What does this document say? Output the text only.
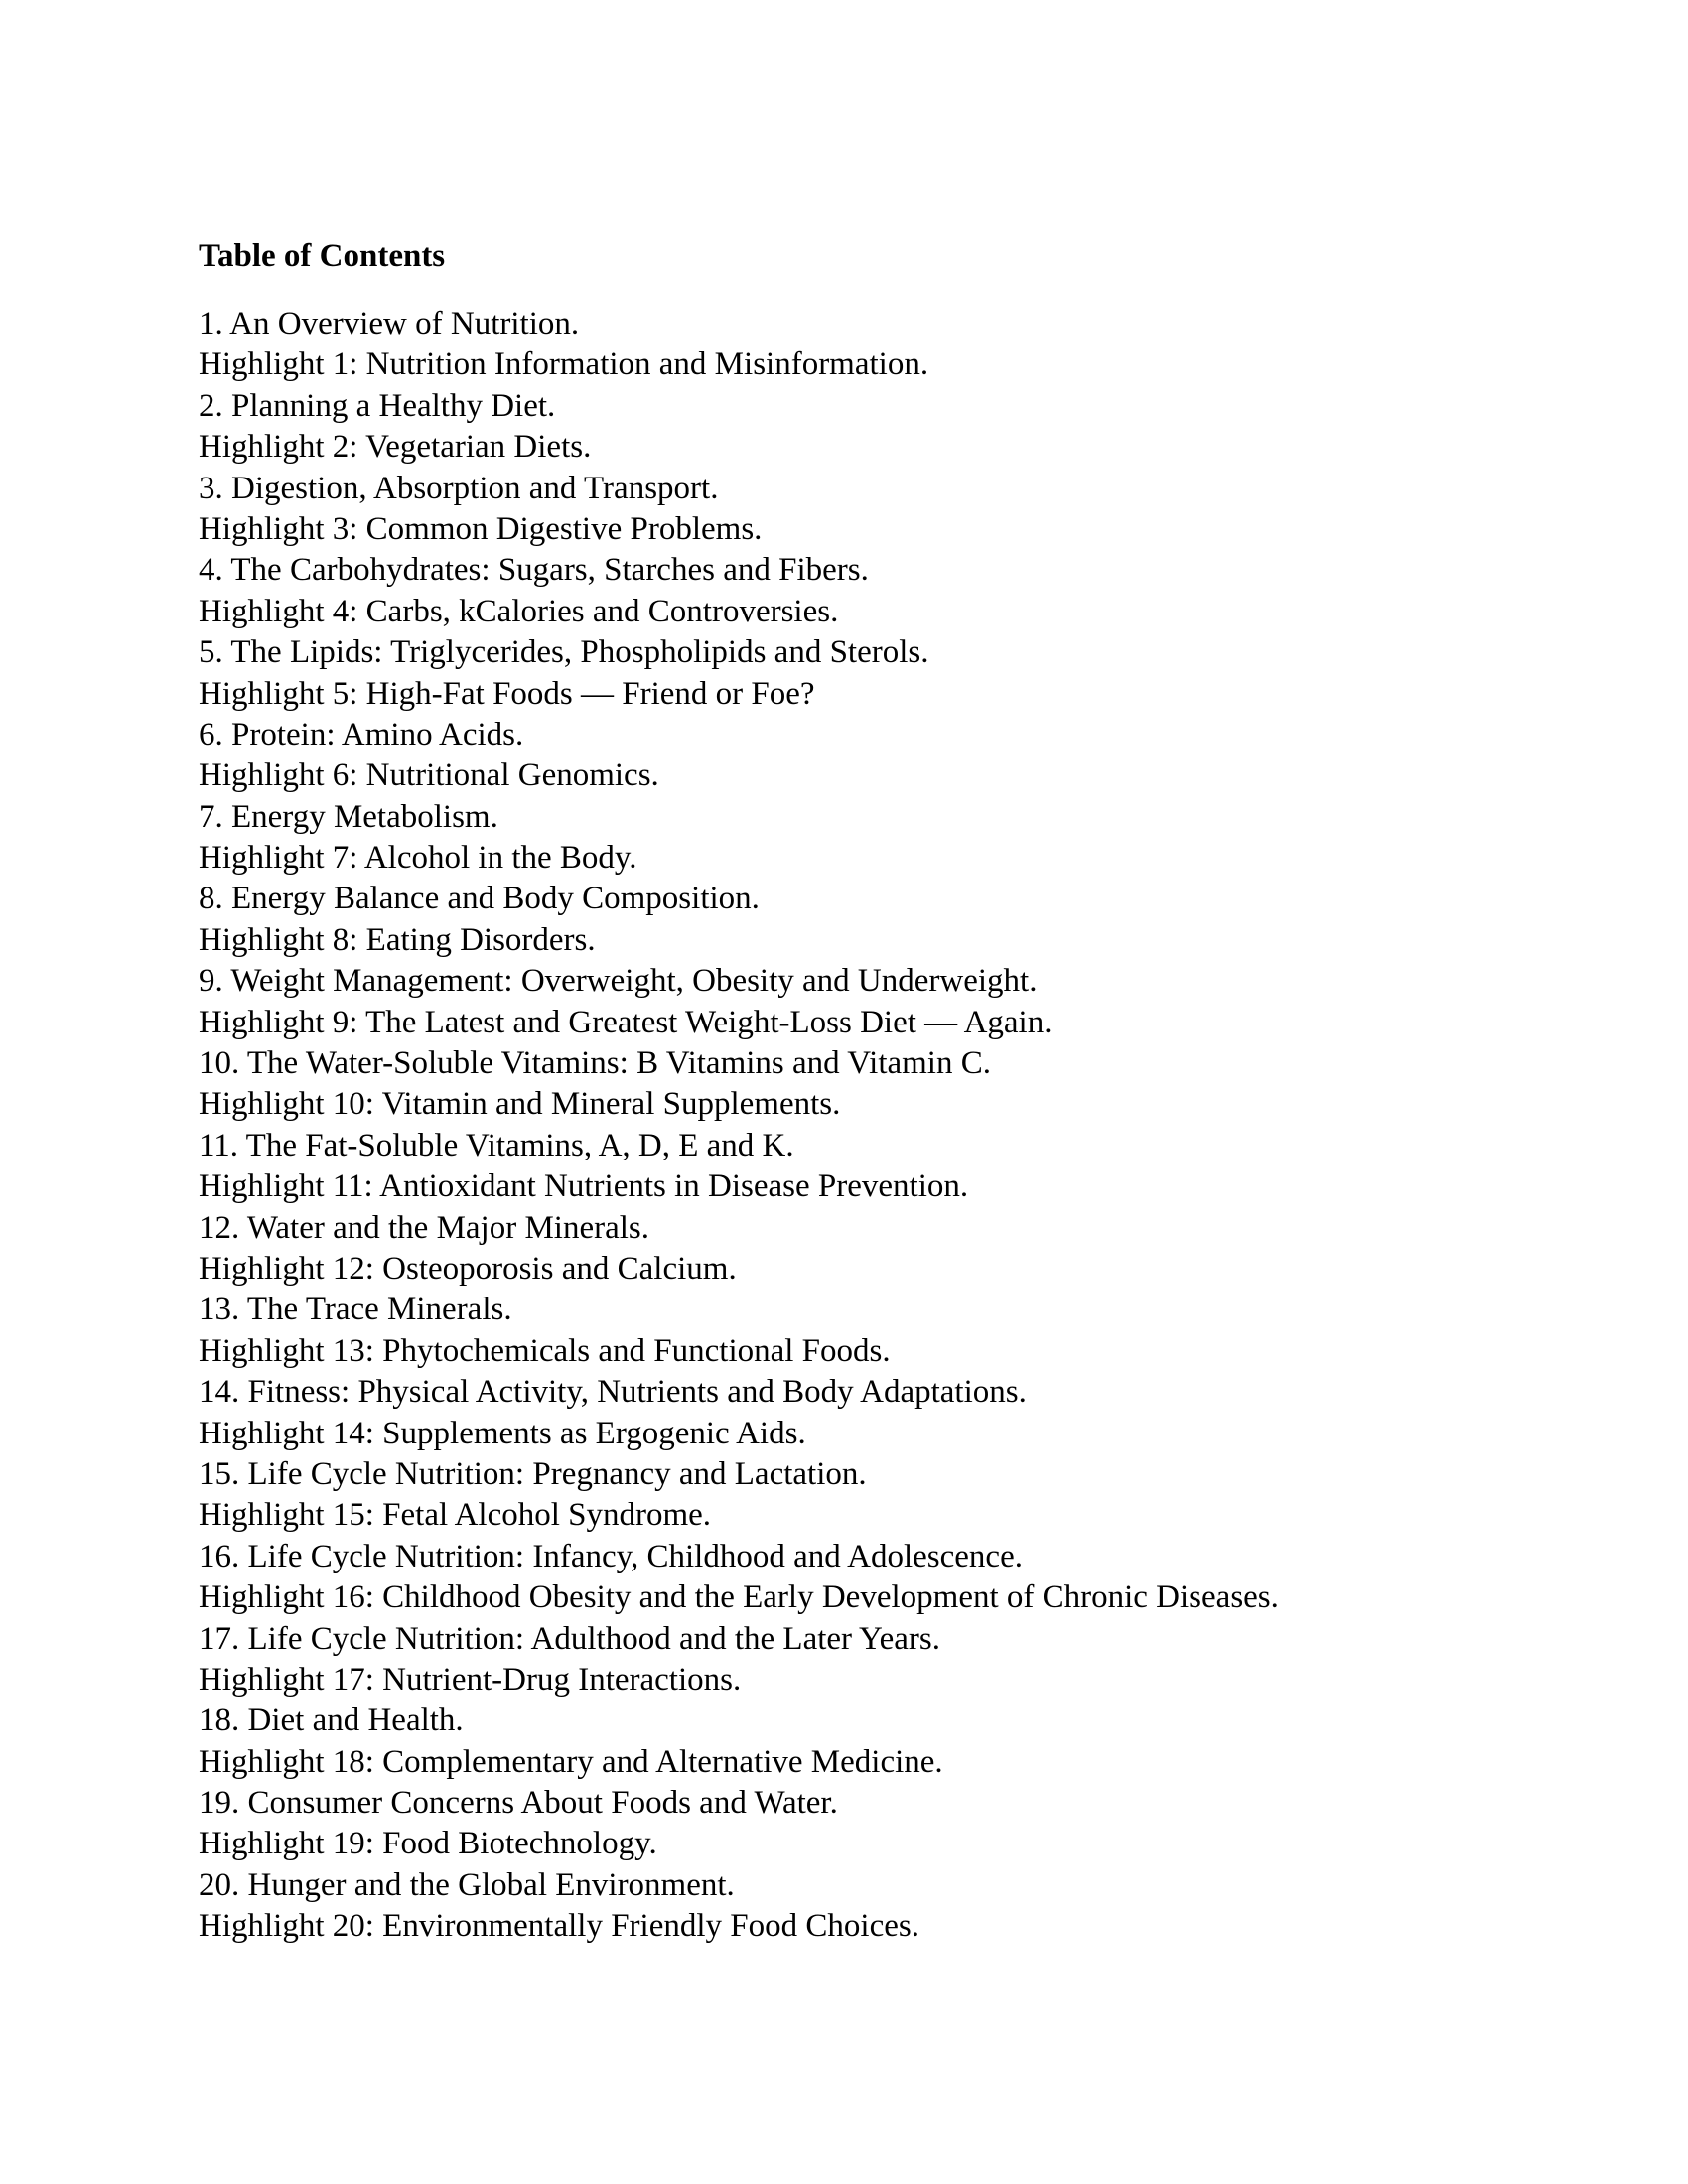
Table of Contents
1. An Overview of Nutrition.
Highlight 1: Nutrition Information and Misinformation.
2. Planning a Healthy Diet.
Highlight 2: Vegetarian Diets.
3. Digestion, Absorption and Transport.
Highlight 3: Common Digestive Problems.
4. The Carbohydrates: Sugars, Starches and Fibers.
Highlight 4: Carbs, kCalories and Controversies.
5. The Lipids: Triglycerides, Phospholipids and Sterols.
Highlight 5: High-Fat Foods — Friend or Foe?
6. Protein: Amino Acids.
Highlight 6: Nutritional Genomics.
7. Energy Metabolism.
Highlight 7: Alcohol in the Body.
8. Energy Balance and Body Composition.
Highlight 8: Eating Disorders.
9. Weight Management: Overweight, Obesity and Underweight.
Highlight 9: The Latest and Greatest Weight-Loss Diet — Again.
10. The Water-Soluble Vitamins: B Vitamins and Vitamin C.
Highlight 10: Vitamin and Mineral Supplements.
11. The Fat-Soluble Vitamins, A, D, E and K.
Highlight 11: Antioxidant Nutrients in Disease Prevention.
12. Water and the Major Minerals.
Highlight 12: Osteoporosis and Calcium.
13. The Trace Minerals.
Highlight 13: Phytochemicals and Functional Foods.
14. Fitness: Physical Activity, Nutrients and Body Adaptations.
Highlight 14: Supplements as Ergogenic Aids.
15. Life Cycle Nutrition: Pregnancy and Lactation.
Highlight 15: Fetal Alcohol Syndrome.
16. Life Cycle Nutrition: Infancy, Childhood and Adolescence.
Highlight 16: Childhood Obesity and the Early Development of Chronic Diseases.
17. Life Cycle Nutrition: Adulthood and the Later Years.
Highlight 17: Nutrient-Drug Interactions.
18. Diet and Health.
Highlight 18: Complementary and Alternative Medicine.
19. Consumer Concerns About Foods and Water.
Highlight 19: Food Biotechnology.
20. Hunger and the Global Environment.
Highlight 20: Environmentally Friendly Food Choices.
